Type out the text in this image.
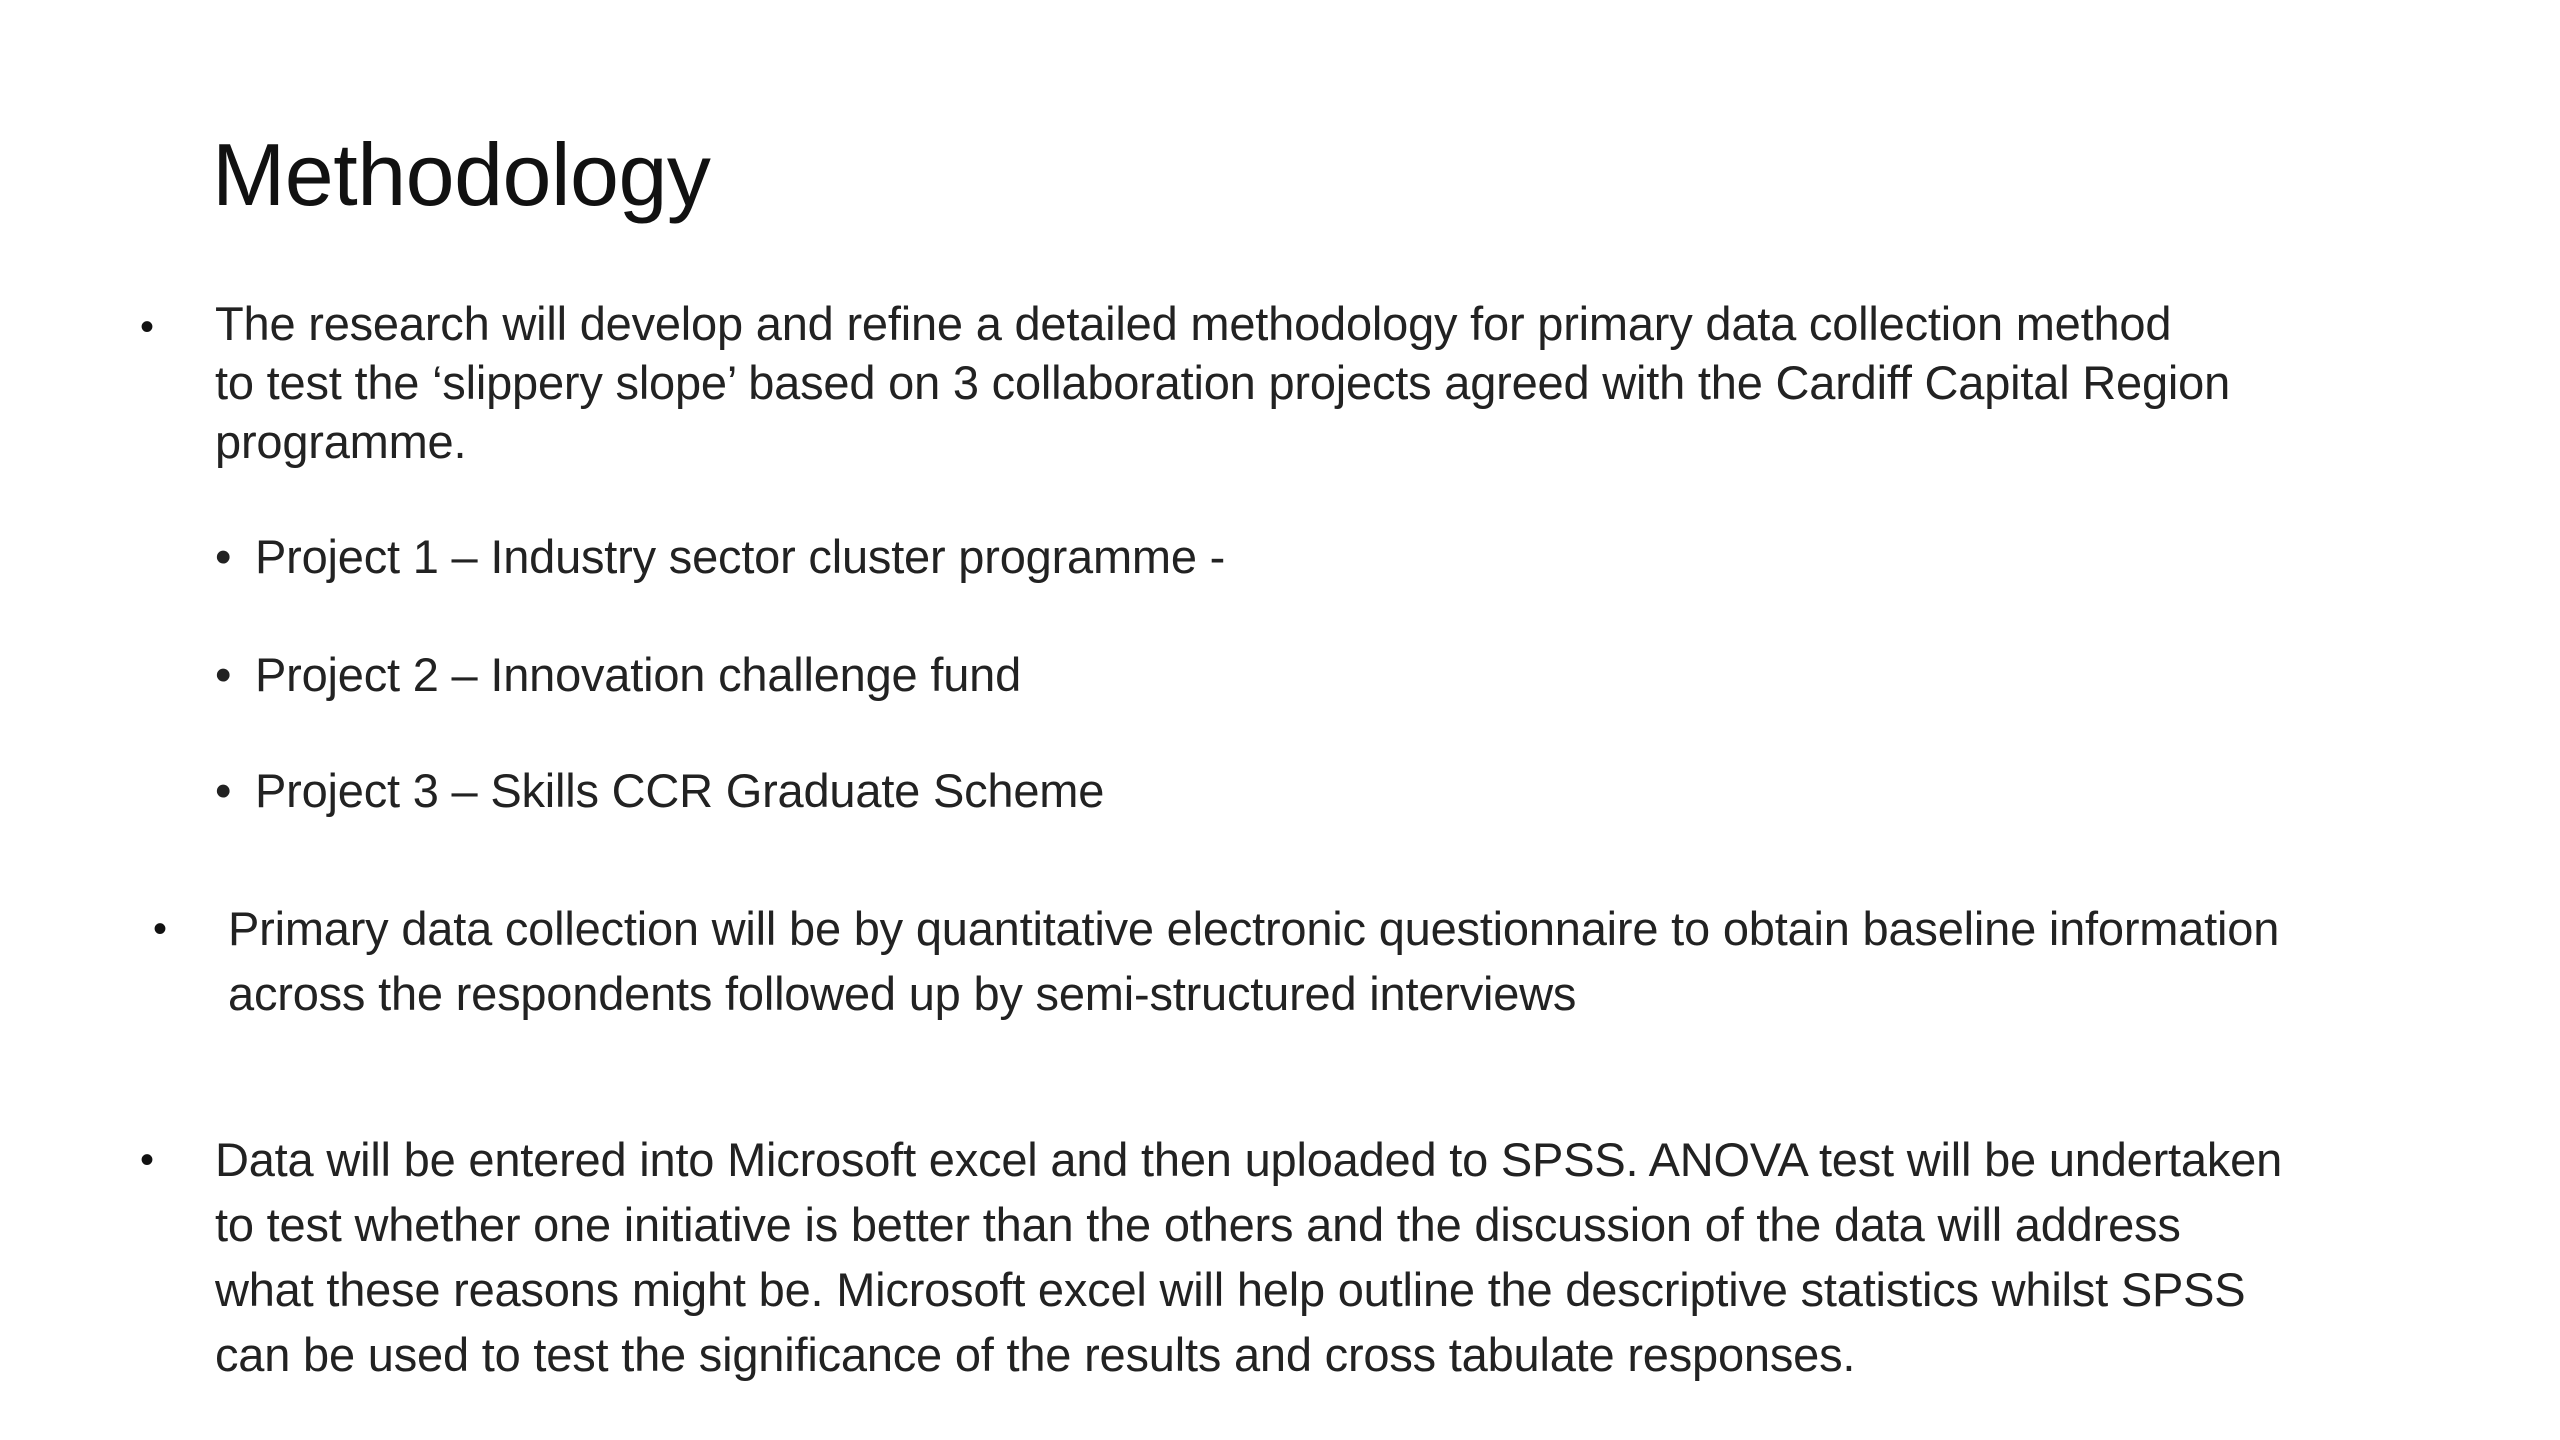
Methodology
• The research will develop and refine a detailed methodology for primary data collection method
to test the ‘slippery slope’ based on 3 collaboration projects agreed with the Cardiff Capital Region
programme.
• Project 1 – Industry sector cluster programme -
• Project 2 – Innovation challenge fund
• Project 3 – Skills CCR Graduate Scheme
• Primary data collection will be by quantitative electronic questionnaire to obtain baseline information
across the respondents followed up by semi-structured interviews
• Data will be entered into Microsoft excel and then uploaded to SPSS. ANOVA test will be undertaken
to test whether one initiative is better than the others and the discussion of the data will address
what these reasons might be. Microsoft excel will help outline the descriptive statistics whilst SPSS
can be used to test the significance of the results and cross tabulate responses.
